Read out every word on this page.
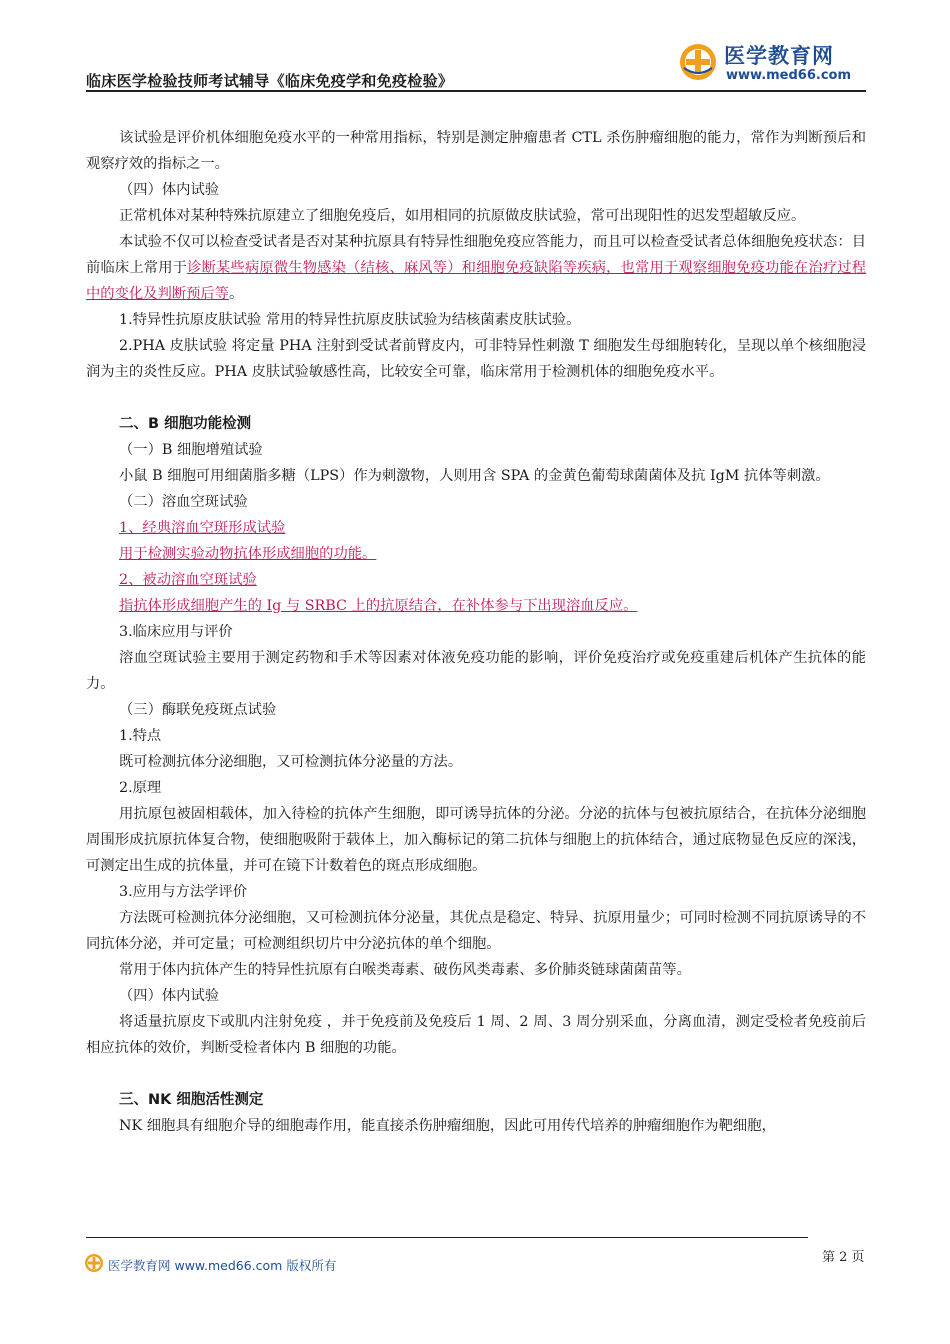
医学教育网
www.med66.com
临床医学检验技师考试辅导《临床免疫学和免疫检验》

该试验是评价机体细胞免疫水平的一种常用指标，特别是测定肿瘤患者 CTL 杀伤肿瘤细胞的能力，常作为判断预后和观察疗效的指标之一。

（四）体内试验

正常机体对某种特殊抗原建立了细胞免疫后，如用相同的抗原做皮肤试验，常可出现阳性的迟发型超敏反应。

本试验不仅可以检查受试者是否对某种抗原具有特异性细胞免疫应答能力，而且可以检查受试者总体细胞免疫状态：目前临床上常用于诊断某些病原微生物感染（结核、麻风等）和细胞免疫缺陷等疾病，也常用于观察细胞免疫功能在治疗过程中的变化及判断预后等。

1.特异性抗原皮肤试验 常用的特异性抗原皮肤试验为结核菌素皮肤试验。

2.PHA 皮肤试验 将定量 PHA 注射到受试者前臂皮内，可非特异性刺激 T 细胞发生母细胞转化，呈现以单个核细胞浸润为主的炎性反应。PHA 皮肤试验敏感性高，比较安全可靠，临床常用于检测机体的细胞免疫水平。

二、B 细胞功能检测

（一）B 细胞增殖试验

小鼠 B 细胞可用细菌脂多糖（LPS）作为刺激物，人则用含 SPA 的金黄色葡萄球菌菌体及抗 IgM 抗体等刺激。

（二）溶血空斑试验

1、经典溶血空斑形成试验

用于检测实验动物抗体形成细胞的功能。

2、被动溶血空斑试验

指抗体形成细胞产生的 Ig 与 SRBC 上的抗原结合，在补体参与下出现溶血反应。

3.临床应用与评价

溶血空斑试验主要用于测定药物和手术等因素对体液免疫功能的影响，评价免疫治疗或免疫重建后机体产生抗体的能力。

（三）酶联免疫斑点试验

1.特点

既可检测抗体分泌细胞，又可检测抗体分泌量的方法。

2.原理

用抗原包被固相载体，加入待检的抗体产生细胞，即可诱导抗体的分泌。分泌的抗体与包被抗原结合，在抗体分泌细胞周围形成抗原抗体复合物，使细胞吸附于载体上，加入酶标记的第二抗体与细胞上的抗体结合，通过底物显色反应的深浅，可测定出生成的抗体量，并可在镜下计数着色的斑点形成细胞。

3.应用与方法学评价

方法既可检测抗体分泌细胞，又可检测抗体分泌量，其优点是稳定、特异、抗原用量少；可同时检测不同抗原诱导的不同抗体分泌，并可定量；可检测组织切片中分泌抗体的单个细胞。

常用于体内抗体产生的特异性抗原有白喉类毒素、破伤风类毒素、多价肺炎链球菌菌苗等。

（四）体内试验

将适量抗原皮下或肌内注射免疫 ，并于免疫前及免疫后 1 周、2 周、3 周分别采血，分离血清，测定受检者免疫前后相应抗体的效价，判断受检者体内 B 细胞的功能。

三、NK 细胞活性测定

NK 细胞具有细胞介导的细胞毒作用，能直接杀伤肿瘤细胞，因此可用传代培养的肿瘤细胞作为靶细胞，

医学教育网 www.med66.com 版权所有
第 2 页
